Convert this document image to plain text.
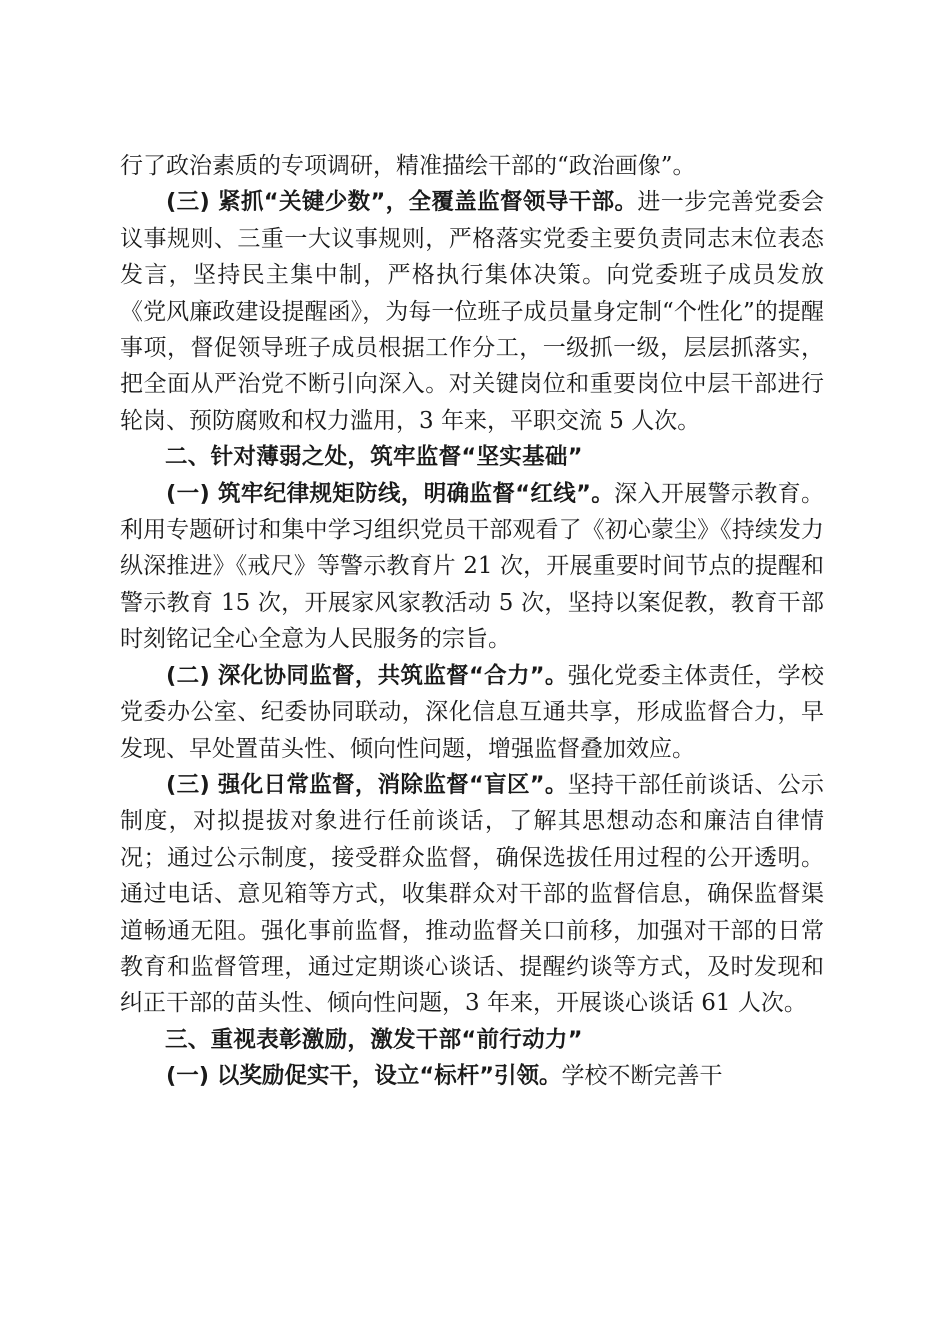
行了政治素质的专项调研，精准描绘干部的“政治画像”。

(三) 紧抓“关键少数”，全覆盖监督领导干部。进一步完善党委会议事规则、三重一大议事规则，严格落实党委主要负责同志末位表态发言，坚持民主集中制，严格执行集体决策。向党委班子成员发放《党风廉政建设提醒函》，为每一位班子成员量身定制“个性化”的提醒事项，督促领导班子成员根据工作分工，一级抓一级，层层抓落实，把全面从严治党不断引向深入。对关键岗位和重要岗位中层干部进行轮岗、预防腐败和权力滥用，3 年来，平职交流 5 人次。

二、针对薄弱之处，筑牢监督“坚实基础”

(一) 筑牢纪律规矩防线，明确监督“红线”。深入开展警示教育。利用专题研讨和集中学习组织党员干部观看了《初心蒙尘》《持续发力纵深推进》《戒尺》等警示教育片 21 次，开展重要时间节点的提醒和警示教育 15 次，开展家风家教活动 5 次，坚持以案促教，教育干部时刻铭记全心全意为人民服务的宗旨。

(二) 深化协同监督，共筑监督“合力”。强化党委主体责任，学校党委办公室、纪委协同联动，深化信息互通共享，形成监督合力，早发现、早处置苗头性、倾向性问题，增强监督叠加效应。

(三) 强化日常监督，消除监督“盲区”。坚持干部任前谈话、公示制度，对拟提拔对象进行任前谈话，了解其思想动态和廉洁自律情况；通过公示制度，接受群众监督，确保选拔任用过程的公开透明。通过电话、意见箱等方式，收集群众对干部的监督信息，确保监督渠道畅通无阻。强化事前监督，推动监督关口前移，加强对干部的日常教育和监督管理，通过定期谈心谈话、提醒约谈等方式，及时发现和纠正干部的苗头性、倾向性问题，3 年来，开展谈心谈话 61 人次。

三、重视表彰激励，激发干部“前行动力”

(一) 以奖励促实干，设立“标杆”引领。学校不断完善干
